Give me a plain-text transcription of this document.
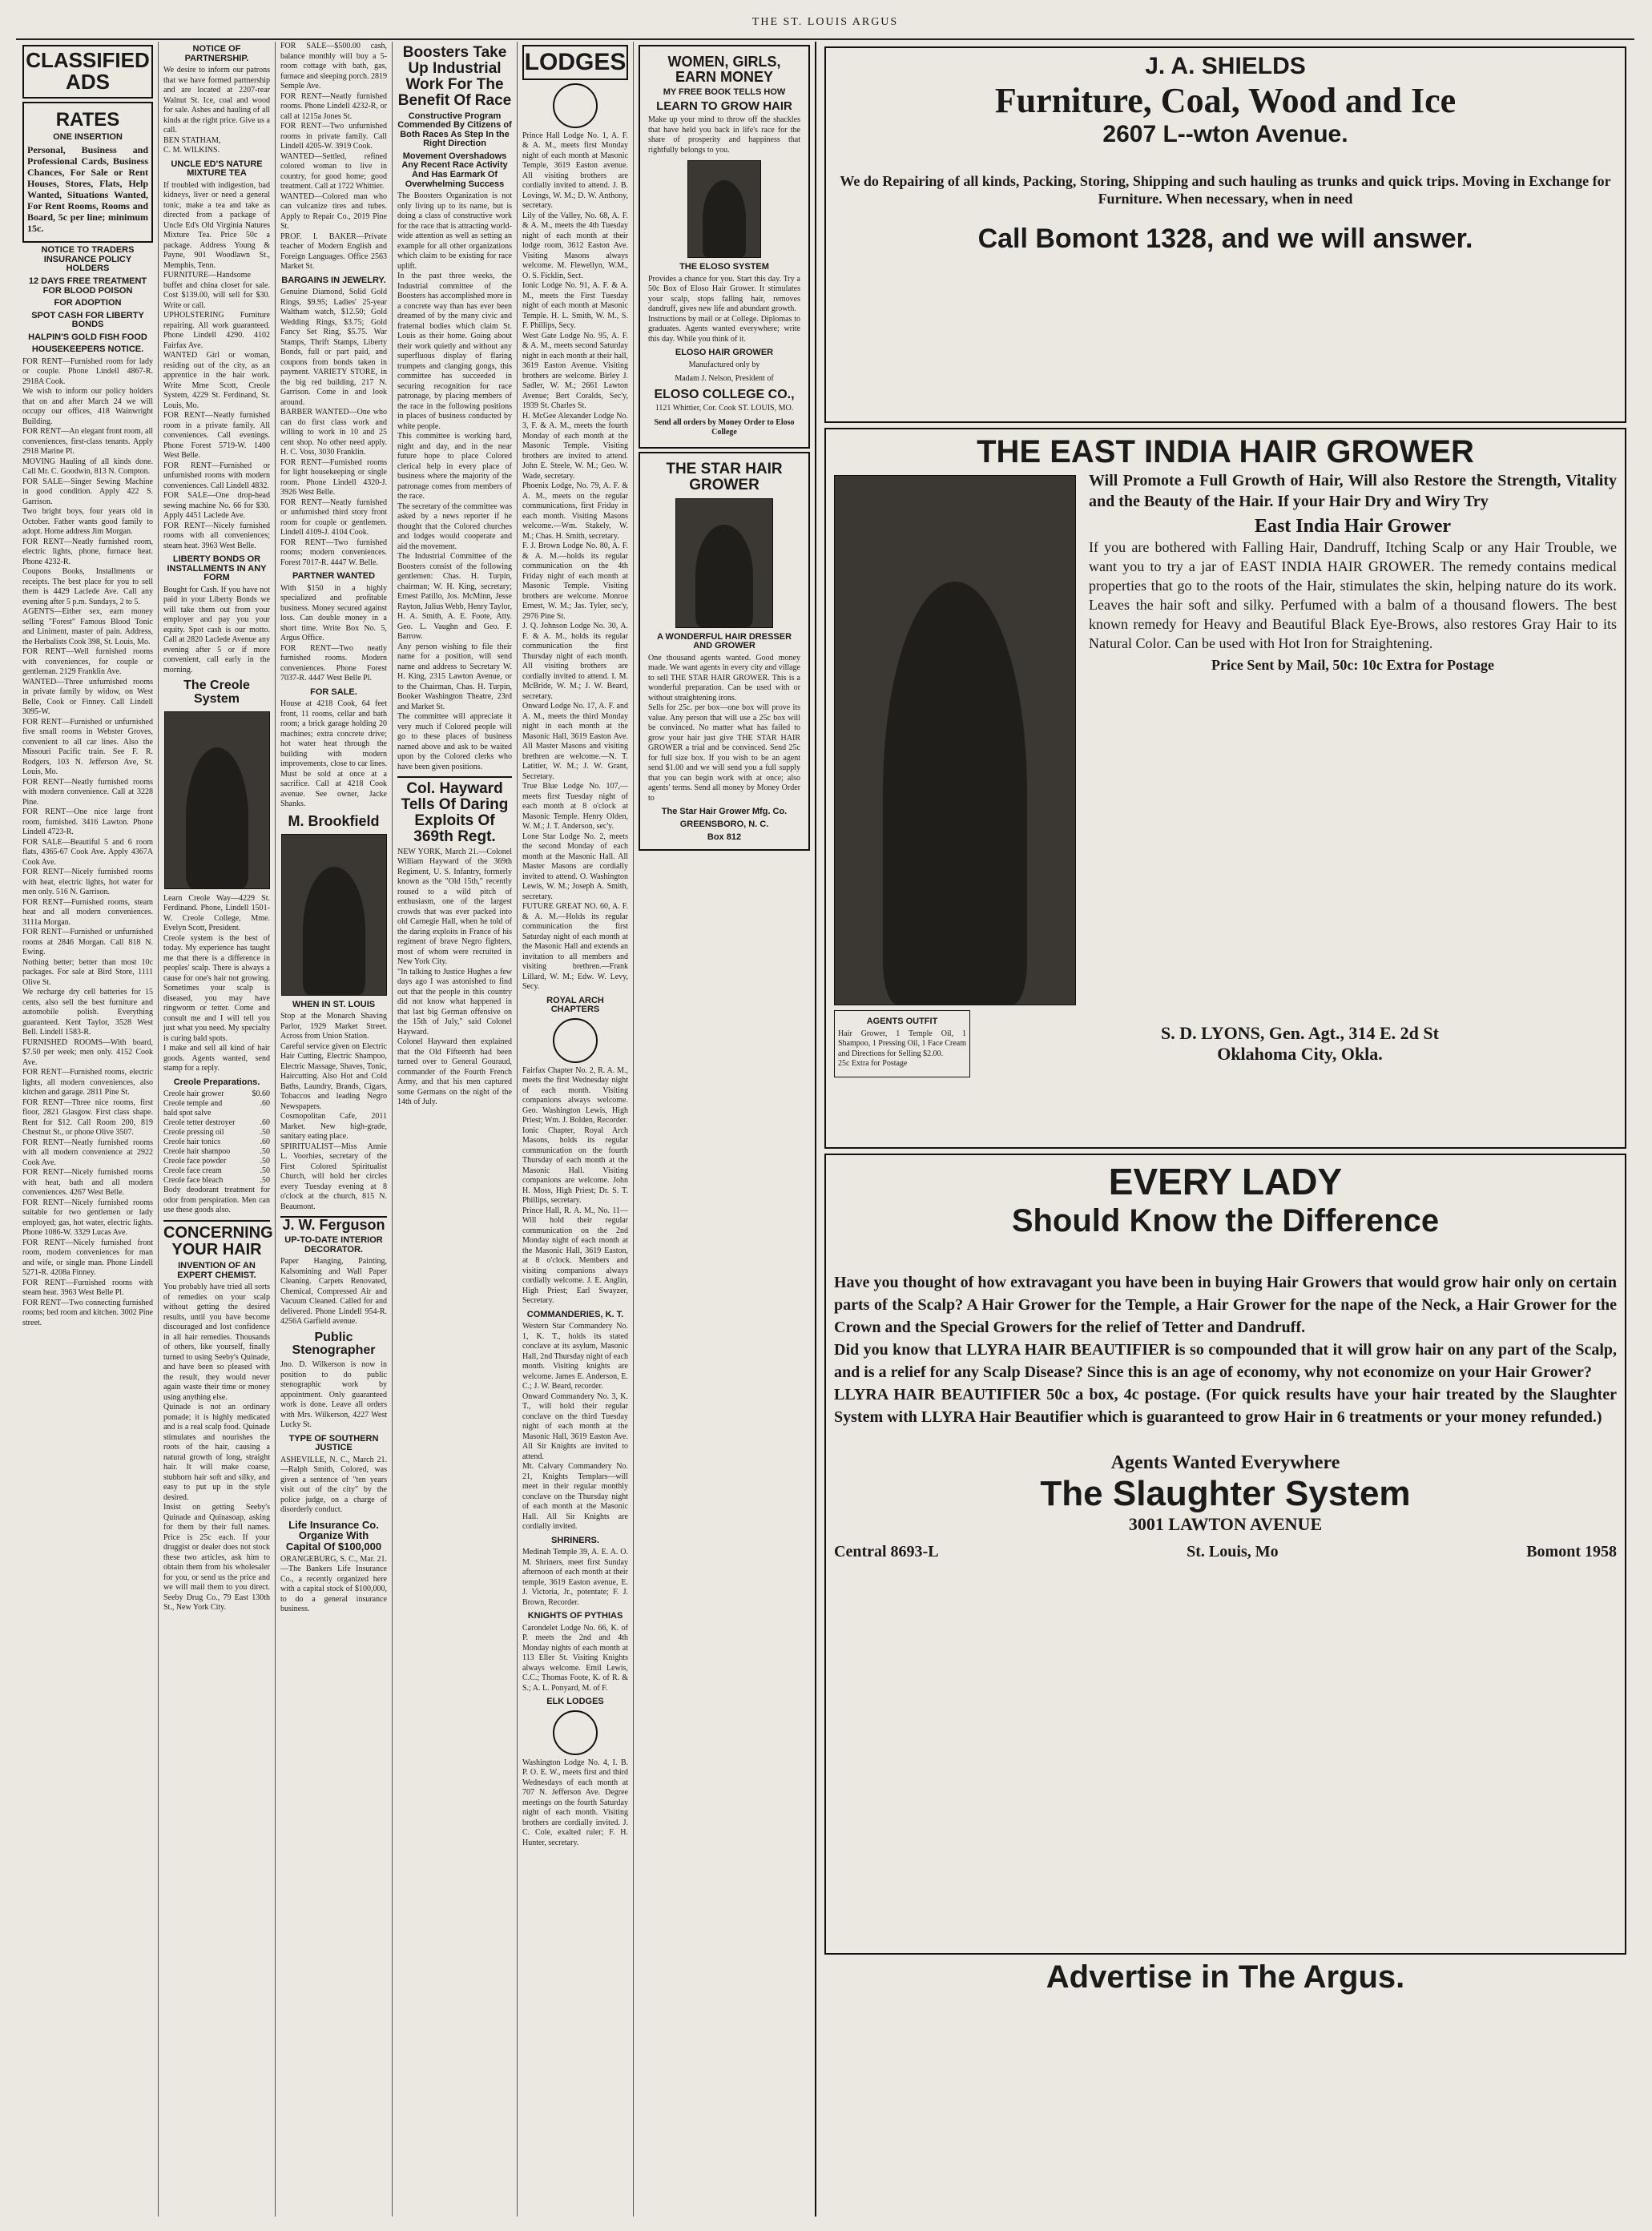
THE ST. LOUIS ARGUS
CLASSIFIED ADS
RATES
ONE INSERTION
Personal, Business and Professional Cards, Business Chances, For Sale or Rent Houses, Stores, Flats, Help Wanted, Situations Wanted, For Rent Rooms, Rooms and Board, 5c per line; minimum 15c.
NOTICE TO TRADERS INSURANCE POLICY HOLDERS
12 DAYS FREE TREATMENT FOR BLOOD POISON
FOR ADOPTION
SPOT CASH FOR LIBERTY BONDS
HALPIN'S GOLD FISH FOOD
HOUSEKEEPERS NOTICE.
FOR RENT—Furnished room for lady or couple. Phone Lindell 4867-R. 2918A Cook.
We wish to inform our policy holders that on and after March 24 we will occupy our offices, 418 Wainwright Building.
FOR RENT—An elegant front room, all conveniences, first-class tenants. Apply 2918 Marine Pl.
MOVING Hauling of all kinds done. Call Mr. C. Goodwin, 813 N. Compton.
FOR SALE—Singer Sewing Machine in good condition. Apply 422 S. Garrison.
Two bright boys, four years old in October. Father wants good family to adopt. Home address Jim Morgan.
FOR RENT—Neatly furnished room, electric lights, phone, furnace heat. Phone 4232-R.
Coupons Books, Installments or receipts. The best place for you to sell them is 4429 Laclede Ave. Call any evening after 5 p.m. Sundays, 2 to 5.
AGENTS—Either sex, earn money selling "Forest" Famous Blood Tonic and Liniment, master of pain. Address, the Herbalists Cook 398, St. Louis, Mo.
FOR RENT—Well furnished rooms with conveniences, for couple or gentleman. 2129 Franklin Ave.
WANTED—Three unfurnished rooms in private family by widow, on West Belle, Cook or Finney. Call Lindell 3095-W.
FOR RENT—Furnished or unfurnished five small rooms in Webster Groves, convenient to all car lines. Also the Missouri Pacific train. See F. R. Rodgers, 103 N. Jefferson Ave, St. Louis, Mo.
FOR RENT—Neatly furnished rooms with modern convenience. Call at 3228 Pine.
FOR RENT—One nice large front room, furnished. 3416 Lawton. Phone Lindell 4723-R.
FOR SALE—Beautiful 5 and 6 room flats, 4365-67 Cook Ave. Apply 4367A Cook Ave.
FOR RENT—Nicely furnished rooms with heat, electric lights, hot water for men only. 516 N. Garrison.
FOR RENT—Furnished rooms, steam heat and all modern conveniences. 3111a Morgan.
FOR RENT—Furnished or unfurnished rooms at 2846 Morgan. Call 818 N. Ewing.
Nothing better; better than most 10c packages. For sale at Bird Store, 1111 Olive St.
We recharge dry cell batteries for 15 cents, also sell the best furniture and automobile polish. Everything guaranteed. Kent Taylor, 3528 West Bell. Lindell 1583-R.
FURNISHED ROOMS—With board, $7.50 per week; men only. 4152 Cook Ave.
FOR RENT—Furnished rooms, electric lights, all modern conveniences, also kitchen and garage. 2811 Pine St.
FOR RENT—Three nice rooms, first floor, 2821 Glasgow. First class shape. Rent for $12. Call Room 200, 819 Chestnut St., or phone Olive 3507.
FOR RENT—Neatly furnished rooms with all modern convenience at 2922 Cook Ave.
FOR RENT—Nicely furnished rooms with heat, bath and all modern conveniences. 4267 West Belle.
FOR RENT—Nicely furnished rooms suitable for two gentlemen or lady employed; gas, hot water, electric lights. Phone 1086-W. 3329 Lucas Ave.
FOR RENT—Nicely furnished front room, modern conveniences for man and wife, or single man. Phone Lindell 5271-R. 4208a Finney.
FOR RENT—Furnished rooms with steam heat. 3963 West Belle Pl.
FOR RENT—Two connecting furnished rooms; bed room and kitchen. 3002 Pine street.
NOTICE OF PARTNERSHIP.
We desire to inform our patrons that we have formed partnership and are located at 2207-rear Walnut St. Ice, coal and wood for sale. Ashes and hauling of all kinds at the right price. Give us a call.
BEN STATHAM,
C. M. WILKINS.
UNCLE ED'S NATURE MIXTURE TEA
If troubled with indigestion, bad kidneys, liver or need a general tonic, make a tea and take as directed from a package of Uncle Ed's Old Virginia Natures Mixture Tea. Price 50c a package. Address Young & Payne, 901 Woodlawn St., Memphis, Tenn.
FURNITURE—Handsome buffet and china closet for sale. Cost $139.00, will sell for $30. Write or call.
UPHOLSTERING Furniture repairing. All work guaranteed. Phone Lindell 4290. 4102 Fairfax Ave.
WANTED Girl or woman, residing out of the city, as an apprentice in the hair work. Write Mme Scott, Creole System, 4229 St. Ferdinand, St. Louis, Mo.
FOR RENT—Neatly furnished room in a private family. All conveniences. Call evenings. Phone Forest 5719-W. 1400 West Belle.
FOR RENT—Furnished or unfurnished rooms with modern conveniences. Call Lindell 4832.
FOR SALE—One drop-head sewing machine No. 66 for $30. Apply 4451 Laclede Ave.
FOR RENT—Nicely furnished rooms with all conveniences; steam heat. 3963 West Belle.
LIBERTY BONDS OR INSTALLMENTS IN ANY FORM
Bought for Cash. If you have not paid in your Liberty Bonds we will take them out from your employer and pay you your equity. Spot cash is our motto. Call at 2820 Laclede Avenue any evening after 5 or if more convenient, call early in the morning.
The Creole System
Learn Creole Way—4229 St. Ferdinand. Phone, Lindell 1501-W. Creole College, Mme. Evelyn Scott, President.
Creole system is the best of today. My experience has taught me that there is a difference in peoples' scalp. There is always a cause for one's hair not growing. Sometimes your scalp is diseased, you may have ringworm or tetter. Come and consult me and I will tell you just what you need. My specialty is curing bald spots.
I make and sell all kind of hair goods. Agents wanted, send stamp for a reply.
Creole Preparations.
Creole hair grower	$0.60
Creole temple and bald spot salve
.60
Creole tetter destroyer	.60
Creole pressing oil	.50
Creole hair tonics	.60
Creole hair shampoo	.50
Creole face powder	.50
Creole face cream	.50
Creole face bleach	.50
Body deodorant treatment for odor from perspiration. Men can use these goods also.
CONCERNING YOUR HAIR
INVENTION OF AN EXPERT CHEMIST.
You probably have tried all sorts of remedies on your scalp without getting the desired results, until you have become discouraged and lost confidence in all hair remedies. Thousands of others, like yourself, finally turned to using Seeby's Quinade, and have been so pleased with the result, they would never again waste their time or money using anything else.
Quinade is not an ordinary pomade; it is highly medicated and is a real scalp food. Quinade stimulates and nourishes the roots of the hair, causing a natural growth of long, straight hair. It will make coarse, stubborn hair soft and silky, and easy to put up in the style desired.
Insist on getting Seeby's Quinade and Quinasoap, asking for them by their full names. Price is 25c each. If your druggist or dealer does not stock these two articles, ask him to obtain them from his wholesaler for you, or send us the price and we will mail them to you direct. Seeby Drug Co., 79 East 130th St., New York City.
FOR SALE—$500.00 cash, balance monthly will buy a 5-room cottage with bath, gas, furnace and sleeping porch. 2819 Semple Ave.
FOR RENT—Neatly furnished rooms. Phone Lindell 4232-R, or call at 1215a Jones St.
FOR RENT—Two unfurnished rooms in private family. Call Lindell 4205-W. 3919 Cook.
WANTED—Settled, refined colored woman to live in country, for good home; good treatment. Call at 1722 Whittier.
WANTED—Colored man who can vulcanize tires and tubes. Apply to Repair Co., 2019 Pine St.
PROF. I. BAKER—Private teacher of Modern English and Foreign Languages. Office 2563 Market St.
BARGAINS IN JEWELRY.
Genuine Diamond, Solid Gold Rings, $9.95; Ladies' 25-year Waltham watch, $12.50; Gold Wedding Rings, $3.75; Gold Fancy Set Ring, $5.75. War Stamps, Thrift Stamps, Liberty Bonds, full or part paid, and coupons from bonds taken in payment. VARIETY STORE, in the big red building, 217 N. Garrison. Come in and look around.
BARBER WANTED—One who can do first class work and willing to work in 10 and 25 cent shop. No other need apply. H. C. Voss, 3030 Franklin.
FOR RENT—Furnished rooms for light housekeeping or single room. Phone Lindell 4320-J. 3926 West Belle.
FOR RENT—Neatly furnished or unfurnished third story front room for couple or gentlemen. Lindell 4109-J. 4104 Cook.
FOR RENT—Two furnished rooms; modern conveniences. Forest 7017-R. 4447 W. Belle.
PARTNER WANTED
With $150 in a highly specialized and profitable business. Money secured against loss. Can double money in a short time. Write Box No. 5, Argus Office.
FOR RENT—Two neatly furnished rooms. Modern conveniences. Phone Forest 7037-R. 4447 West Belle Pl.
FOR SALE.
House at 4218 Cook, 64 feet front, 11 rooms, cellar and bath room; a brick garage holding 20 machines; extra concrete drive; hot water heat through the building with modern improvements, close to car lines. Must be sold at once at a sacrifice. Call at 4218 Cook avenue. See owner, Jacke Shanks.
M. Brookfield
WHEN IN ST. LOUIS
Stop at the Monarch Shaving Parlor, 1929 Market Street. Across from Union Station.
Careful service given on Electric Hair Cutting, Electric Shampoo, Electric Massage, Shaves, Tonic, Haircutting. Also Hot and Cold Baths, Laundry, Brands, Cigars, Tobaccos and leading Negro Newspapers.
Cosmopolitan Cafe, 2011 Market. New high-grade, sanitary eating place.
SPIRITUALIST—Miss Annie L. Voorhies, secretary of the First Colored Spiritualist Church, will hold her circles every Tuesday evening at 8 o'clock at the church, 815 N. Beaumont.
J. W. Ferguson
UP-TO-DATE INTERIOR DECORATOR.
Paper Hanging, Painting, Kalsomining and Wall Paper Cleaning. Carpets Renovated, Chemical, Compressed Air and Vacuum Cleaned. Called for and delivered. Phone Lindell 954-R. 4256A Garfield avenue.
Public Stenographer
Jno. D. Wilkerson is now in position to do public stenographic work by appointment. Only guaranteed work is done. Leave all orders with Mrs. Wilkerson, 4227 West Lucky St.
TYPE OF SOUTHERN JUSTICE
ASHEVILLE, N. C., March 21.—Ralph Smith, Colored, was given a sentence of "ten years visit out of the city" by the police judge, on a charge of disorderly conduct.
Life Insurance Co. Organize With Capital Of $100,000
ORANGEBURG, S. C., Mar. 21.—The Bankers Life Insurance Co., a recently organized here with a capital stock of $100,000, to do a general insurance business.
Boosters Take Up Industrial Work For The Benefit Of Race
Constructive Program Commended By Citizens of Both Races As Step In the Right Direction
Movement Overshadows Any Recent Race Activity And Has Earmark Of Overwhelming Success
The Boosters Organization is not only living up to its name, but is doing a class of constructive work for the race that is attracting world-wide attention as well as setting an example for all other organizations which claim to be existing for race uplift.
In the past three weeks, the Industrial committee of the Boosters has accomplished more in a concrete way than has ever been dreamed of by the many civic and fraternal bodies which claim St. Louis as their home. Going about their work quietly and without any superfluous display of flaring trumpets and clanging gongs, this committee has succeeded in securing recognition for race patronage, by placing members of the race in the following positions in places of business conducted by white people.
This committee is working hard, night and day, and in the near future hope to place Colored clerical help in every place of business where the majority of the patronage comes from members of the race.
The secretary of the committee was asked by a news reporter if he thought that the Colored churches and lodges would cooperate and aid the movement.
The Industrial Committee of the Boosters consist of the following gentlemen: Chas. H. Turpin, chairman; W. H. King, secretary; Ernest Patillo, Jos. McMinn, Jesse Rayton, Julius Webb, Henry Taylor, H. A. Smith, A. E. Foote, Atty. Geo. L. Vaughn and Geo. F. Barrow.
Any person wishing to file their name for a position, will send name and address to Secretary W. H. King, 2315 Lawton Avenue, or to the Chairman, Chas. H. Turpin, Booker Washington Theatre, 23rd and Market St.
The committee will appreciate it very much if Colored people will go to these places of business named above and ask to be waited upon by the Colored clerks who have been given positions.
Col. Hayward Tells Of Daring Exploits Of 369th Regt.
NEW YORK, March 21.—Colonel William Hayward of the 369th Regiment, U. S. Infantry, formerly known as the "Old 15th," recently roused to a wild pitch of enthusiasm, one of the largest crowds that was ever packed into old Carnegie Hall, when he told of the daring exploits in France of his regiment of brave Negro fighters, most of whom were recruited in New York City.
"In talking to Justice Hughes a few days ago I was astonished to find out that the people in this country did not know what happened in that last big German offensive on the 15th of July," said Colonel Hayward.
Colonel Hayward then explained that the Old Fifteenth had been turned over to General Gouraud, commander of the Fourth French Army, and that his men captured some Germans on the night of the 14th of July.
LODGES
Prince Hall Lodge No. 1, A. F. & A. M., meets first Monday night of each month at Masonic Temple, 3619 Easton avenue. All visiting brothers are cordially invited to attend. J. B. Lovings, W. M.; D. W. Anthony, secretary.
Lily of the Valley, No. 68, A. F. & A. M., meets the 4th Tuesday night of each month at their lodge room, 3612 Easton Ave. Visiting Masons always welcome. M. Flewellyn, W.M., O. S. Ficklin, Sect.
Ionic Lodge No. 91, A. F. & A. M., meets the First Tuesday night of each month at Masonic Temple. H. L. Smith, W. M., S. F. Phillips, Secy.
West Gate Lodge No. 95, A. F. & A. M., meets second Saturday night in each month at their hall, 3619 Easton Avenue. Visiting brothers are welcome. Birley J. Sadler, W. M.; 2661 Lawton Avenue; Bert Coralds, Sec'y, 1939 St. Charles St.
H. McGee Alexander Lodge No. 3, F. & A. M., meets the fourth Monday of each month at the Masonic Temple. Visiting brothers are invited to attend. John E. Steele, W. M.; Geo. W. Wade, secretary.
Phoenix Lodge, No. 79, A. F. & A. M., meets on the regular communications, first Friday in each month. Visiting Masons welcome.—Wm. Stakely, W. M.; Chas. H. Smith, secretary.
F. J. Brown Lodge No. 80, A. F. & A. M.—holds its regular communication on the 4th Friday night of each month at Masonic Temple. Visiting brothers are welcome. Monroe Ernest, W. M.; Jas. Tyler, sec'y, 2976 Pine St.
J. Q. Johnson Lodge No. 30, A. F. & A. M., holds its regular communication the first Thursday night of each month. All visiting brothers are cordially invited to attend. I. M. McBride, W. M.; J. W. Beard, secretary.
Onward Lodge No. 17, A. F. and A. M., meets the third Monday night in each month at the Masonic Hall, 3619 Easton Ave. All Master Masons and visiting brethren are welcome.—N. T. Latitier, W. M.; J. W. Grant, Secretary.
True Blue Lodge No. 107,—meets first Tuesday night of each month at 8 o'clock at Masonic Temple. Henry Olden, W. M.; J. T. Anderson, sec'y.
Lone Star Lodge No. 2, meets the second Monday of each month at the Masonic Hall. All Master Masons are cordially invited to attend. O. Washington Lewis, W. M.; Joseph A. Smith, secretary.
FUTURE GREAT NO. 60, A. F. & A. M.—Holds its regular communication the first Saturday night of each month at the Masonic Hall and extends an invitation to all members and visiting brethren.—Frank Lillard, W. M.; Edw. W. Levy, Secy.
ROYAL ARCH CHAPTERS
Fairfax Chapter No. 2, R. A. M., meets the first Wednesday night of each month. Visiting companions always welcome. Geo. Washington Lewis, High Priest; Wm. J. Bolden, Recorder.
Ionic Chapter, Royal Arch Masons, holds its regular communication on the fourth Thursday of each month at the Masonic Hall. Visiting companions are welcome. John H. Moss, High Priest; Dr. S. T. Phillips, secretary.
Prince Hall, R. A. M., No. 11—Will hold their regular communication on the 2nd Monday night of each month at the Masonic Hall, 3619 Easton, at 8 o'clock. Members and visiting companions always cordially welcome. J. E. Anglin, High Priest; Earl Swayzer, Secretary.
COMMANDERIES, K. T.
Western Star Commandery No. 1, K. T., holds its stated conclave at its asylum, Masonic Hall, 2nd Thursday night of each month. Visiting knights are welcome. James E. Anderson, E. C.; J. W. Beard, recorder.
Onward Commandery No. 3, K. T., will hold their regular conclave on the third Tuesday night of each month at the Masonic Hall, 3619 Easton Ave. All Sir Knights are invited to attend.
Mt. Calvary Commandery No. 21, Knights Templars—will meet in their regular monthly conclave on the Thursday night of each month at the Masonic Hall. All Sir Knights are cordially invited.
SHRINERS.
Medinah Temple 39, A. E. A. O. M. Shriners, meet first Sunday afternoon of each month at their temple, 3619 Easton avenue, E. J. Victoria, Jr., potentate; F. J. Brown, Recorder.
KNIGHTS OF PYTHIAS
Carondelet Lodge No. 66, K. of P. meets the 2nd and 4th Monday nights of each month at 113 Eller St. Visiting Knights always welcome. Emil Lewis, C.C.; Thomas Foote, K. of R. & S.; A. L. Ponyard, M. of F.
ELK LODGES
Washington Lodge No. 4, I. B. P. O. E. W., meets first and third Wednesdays of each month at 707 N. Jefferson Ave. Degree meetings on the fourth Saturday night of each month. Visiting brothers are cordially invited. J. C. Cole, exalted ruler; F. H. Hunter, secretary.
WOMEN, GIRLS, EARN MONEY
MY FREE BOOK TELLS HOW
LEARN TO GROW HAIR
Make up your mind to throw off the shackles that have held you back in life's race for the share of prosperity and happiness that rightfully belongs to you.
THE ELOSO SYSTEM
Provides a chance for you. Start this day. Try a 50c Box of Eloso Hair Grower. It stimulates your scalp, stops falling hair, removes dandruff, gives new life and abundant growth.
Instructions by mail or at College. Diplomas to graduates. Agents wanted everywhere; write this day. While you think of it.
ELOSO HAIR GROWER
Manufactured only by
Madam J. Nelson, President of
ELOSO COLLEGE CO.,
1121 Whittier, Cor. Cook ST. LOUIS, MO.
Send all orders by Money Order to Eloso College
THE STAR HAIR GROWER
A WONDERFUL HAIR DRESSER AND GROWER
One thousand agents wanted. Good money made. We want agents in every city and village to sell THE STAR HAIR GROWER. This is a wonderful preparation. Can be used with or without straightening irons.
Sells for 25c. per box—one box will prove its value. Any person that will use a 25c box will be convinced. No matter what has failed to grow your hair just give THE STAR HAIR GROWER a trial and be convinced. Send 25c for full size box. If you wish to be an agent send $1.00 and we will send you a full supply that you can begin work with at once; also agents' terms. Send all money by Money Order to
The Star Hair Grower Mfg. Co.
GREENSBORO, N. C.
Box 812
J. A. SHIELDS
Furniture, Coal, Wood and Ice
2607 L--wton Avenue.
We do Repairing of all kinds, Packing, Storing, Shipping and such hauling as trunks and quick trips. Moving in Exchange for Furniture. When necessary, when in need
Call Bomont 1328, and we will answer.
THE EAST INDIA HAIR GROWER
Will Promote a Full Growth of Hair, Will also Restore the Strength, Vitality and the Beauty of the Hair. If your Hair Dry and Wiry Try
East India Hair Grower
If you are bothered with Falling Hair, Dandruff, Itching Scalp or any Hair Trouble, we want you to try a jar of EAST INDIA HAIR GROWER. The remedy contains medical properties that go to the roots of the Hair, stimulates the skin, helping nature do its work. Leaves the hair soft and silky. Perfumed with a balm of a thousand flowers. The best known remedy for Heavy and Beautiful Black Eye-Brows, also restores Gray Hair to its Natural Color. Can be used with Hot Iron for Straightening.
Price Sent by Mail, 50c: 10c Extra for Postage
AGENTS OUTFIT
Hair Grower, 1 Temple Oil, 1 Shampoo, 1 Pressing Oil, 1 Face Cream and Directions for Selling $2.00.
25c Extra for Postage
S. D. LYONS, Gen. Agt., 314 E. 2d St
Oklahoma City, Okla.
EVERY LADY
Should Know the Difference
Have you thought of how extravagant you have been in buying Hair Growers that would grow hair only on certain parts of the Scalp? A Hair Grower for the Temple, a Hair Grower for the nape of the Neck, a Hair Grower for the Crown and the Special Growers for the relief of Tetter and Dandruff.
Did you know that LLYRA HAIR BEAUTIFIER is so compounded that it will grow hair on any part of the Scalp, and is a relief for any Scalp Disease? Since this is an age of economy, why not economize on your Hair Grower?
LLYRA HAIR BEAUTIFIER 50c a box, 4c postage. (For quick results have your hair treated by the Slaughter System with LLYRA Hair Beautifier which is guaranteed to grow Hair in 6 treatments or your money refunded.)
Agents Wanted Everywhere
The Slaughter System
3001 LAWTON AVENUE
Central 8693-L	St. Louis, Mo	Bomont 1958
Advertise in The Argus.
